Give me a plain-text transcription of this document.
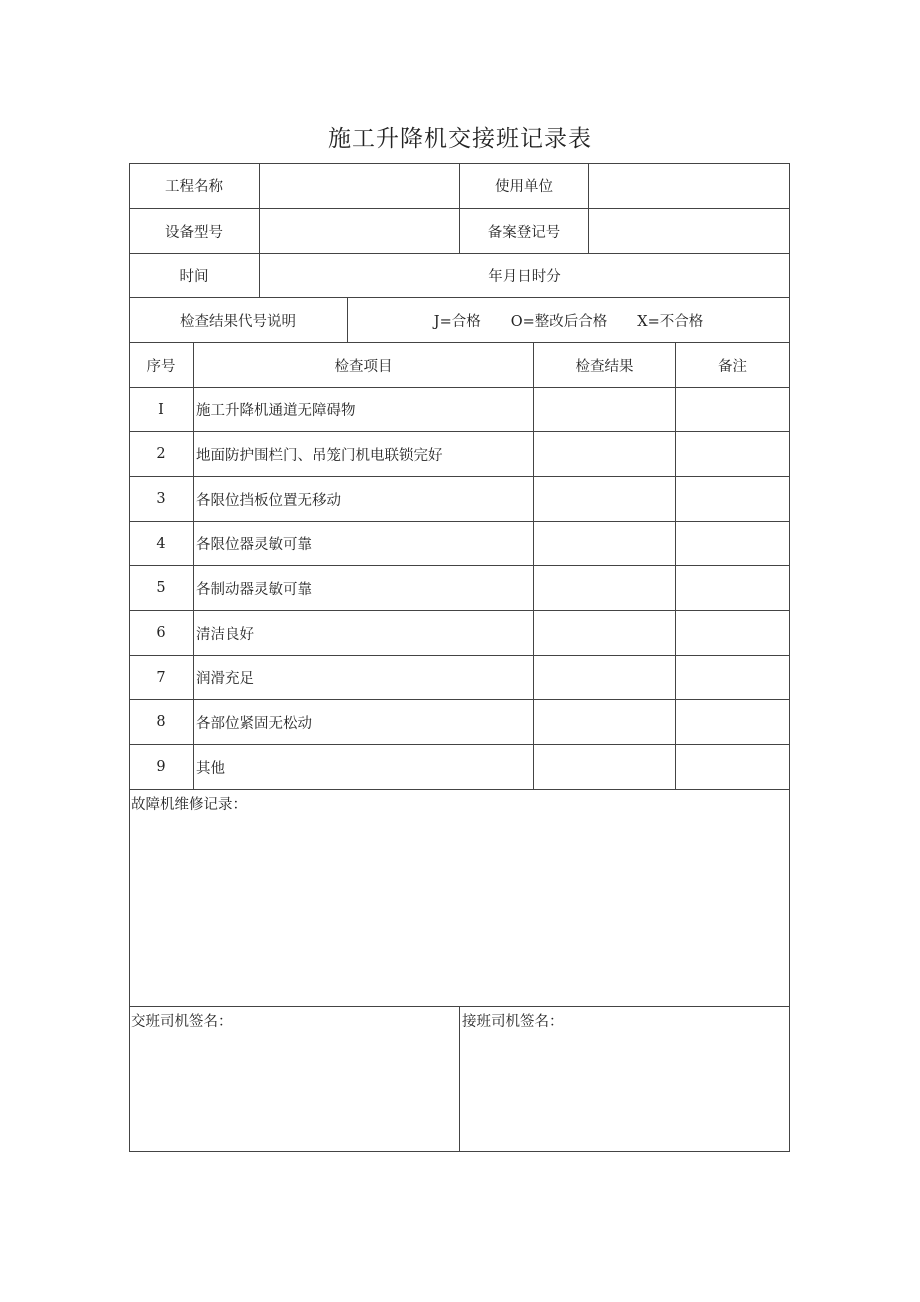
施工升降机交接班记录表
工程名称	使用单位
设备型号	备案登记号
时间	年月日时分
检查结果代号说明	J=合格 O=整改后合格 X=不合格
序号	检查项目	检查结果	备注
I	施工升降机通道无障碍物
2	地面防护围栏门、吊笼门机电联锁完好
3	各限位挡板位置无移动
4	各限位器灵敏可靠
5	各制动器灵敏可靠
6	清洁良好
7	润滑充足
8	各部位紧固无松动
9	其他
故障机维修记录：
交班司机签名：	接班司机签名：
